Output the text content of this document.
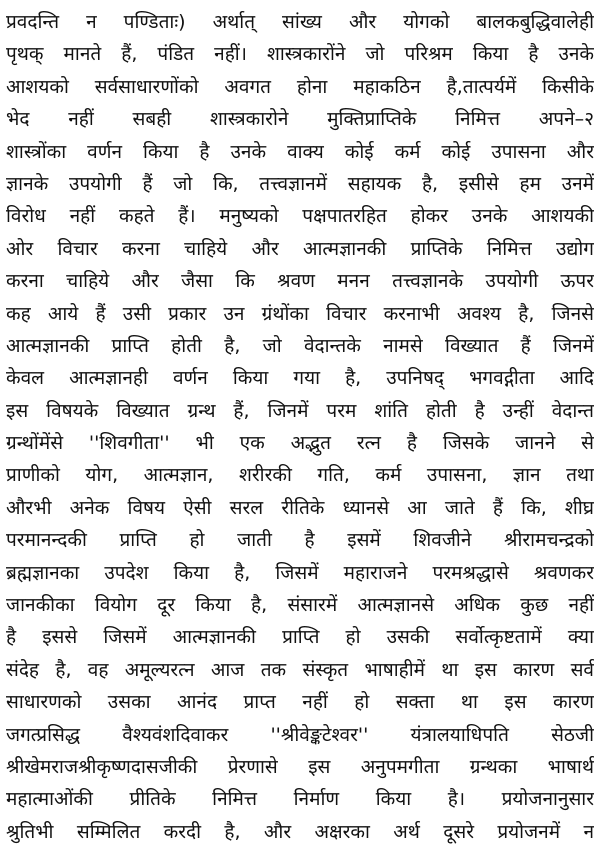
प्रवदन्ति न पण्डिताः) अर्थात् सांख्य और योगको बालकबुद्धिवालेही
पृथक् मानते हैं, पंडित नहीं। शास्त्रकारोंने जो परिश्रम किया है उनके
आशयको सर्वसाधारणोंको अवगत होना महाकठिन है,तात्पर्यमें किसीके
भेद नहीं सबही शास्त्रकारोने मुक्तिप्राप्तिके निमित्त अपने–२
शास्त्रोंका वर्णन किया है उनके वाक्य कोई कर्म कोई उपासना और
ज्ञानके उपयोगी हैं जो कि, तत्त्वज्ञानमें सहायक है, इसीसे हम उनमें
विरोध नहीं कहते हैं। मनुष्यको पक्षपातरहित होकर उनके आशयकी
ओर विचार करना चाहिये और आत्मज्ञानकी प्राप्तिके निमित्त उद्योग
करना चाहिये और जैसा कि श्रवण मनन तत्त्वज्ञानके उपयोगी ऊपर
कह आये हैं उसी प्रकार उन ग्रंथोंका विचार करनाभी अवश्य है, जिनसे
आत्मज्ञानकी प्राप्ति होती है, जो वेदान्तके नामसे विख्यात हैं जिनमें
केवल आत्मज्ञानही वर्णन किया गया है, उपनिषद् भगवद्गीता आदि
इस विषयके विख्यात ग्रन्थ हैं, जिनमें परम शांति होती है उन्हीं वेदान्त
ग्रन्थोंमेंसे ''शिवगीता'' भी एक अद्भुत रत्न है जिसके जानने से
प्राणीको योग, आत्मज्ञान, शरीरकी गति, कर्म उपासना, ज्ञान तथा
औरभी अनेक विषय ऐसी सरल रीतिके ध्यानसे आ जाते हैं कि, शीघ्र
परमानन्दकी प्राप्ति हो जाती है इसमें शिवजीने श्रीरामचन्द्रको
ब्रह्मज्ञानका उपदेश किया है, जिसमें महाराजने परमश्रद्धासे श्रवणकर
जानकीका वियोग दूर किया है, संसारमें आत्मज्ञानसे अधिक कुछ नहीं
है इससे जिसमें आत्मज्ञानकी प्राप्ति हो उसकी सर्वोत्कृष्टतामें क्या
संदेह है, वह अमूल्यरत्न आज तक संस्कृत भाषाहीमें था इस कारण सर्व
साधारणको उसका आनंद प्राप्त नहीं हो सक्ता था इस कारण
जगत्प्रसिद्ध वैश्यवंशदिवाकर ''श्रीवेङ्कटेश्वर'' यंत्रालयाधिपति सेठजी
श्रीखेमराजश्रीकृष्णदासजीकी प्रेरणासे इस अनुपमगीता ग्रन्थका भाषार्थ
महात्माओंकी प्रीतिके निमित्त निर्माण किया है। प्रयोजनानुसार
श्रुतिभी सम्मिलित करदी है, और अक्षरका अर्थ दूसरे प्रयोजनमें न
